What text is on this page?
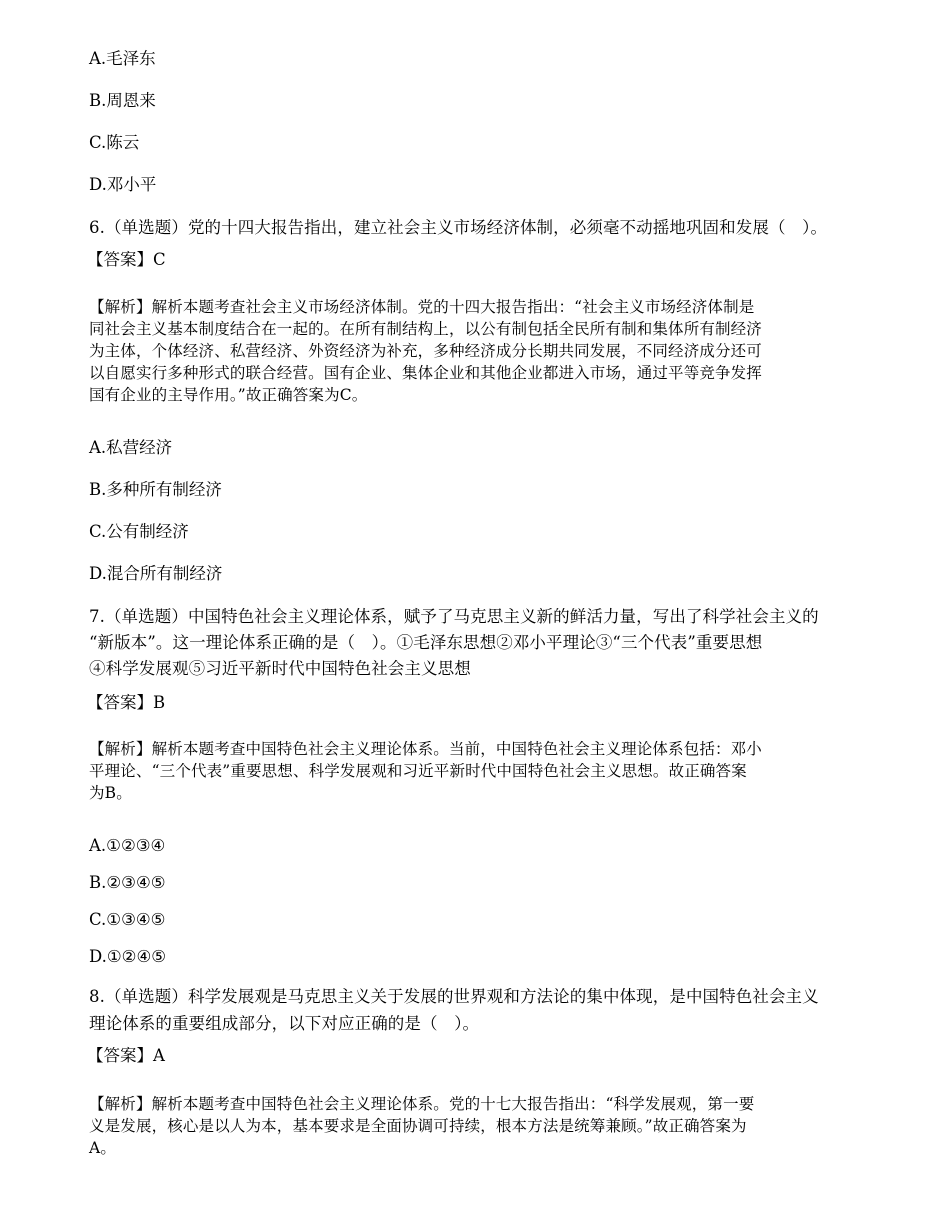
A.毛泽东
B.周恩来
C.陈云
D.邓小平
6.（单选题）党的十四大报告指出，建立社会主义市场经济体制，必须毫不动摇地巩固和发展（　）。
【答案】C
【解析】解析本题考查社会主义市场经济体制。党的十四大报告指出：“社会主义市场经济体制是
同社会主义基本制度结合在一起的。在所有制结构上，以公有制包括全民所有制和集体所有制经济
为主体，个体经济、私营经济、外资经济为补充，多种经济成分长期共同发展，不同经济成分还可
以自愿实行多种形式的联合经营。国有企业、集体企业和其他企业都进入市场，通过平等竞争发挥
国有企业的主导作用。”故正确答案为C。
A.私营经济
B.多种所有制经济
C.公有制经济
D.混合所有制经济
7.（单选题）中国特色社会主义理论体系，赋予了马克思主义新的鲜活力量，写出了科学社会主义的
“新版本”。这一理论体系正确的是（　）。①毛泽东思想②邓小平理论③“三个代表”重要思想
④科学发展观⑤习近平新时代中国特色社会主义思想
【答案】B
【解析】解析本题考查中国特色社会主义理论体系。当前，中国特色社会主义理论体系包括：邓小
平理论、“三个代表”重要思想、科学发展观和习近平新时代中国特色社会主义思想。故正确答案
为B。
A.①②③④
B.②③④⑤
C.①③④⑤
D.①②④⑤
8.（单选题）科学发展观是马克思主义关于发展的世界观和方法论的集中体现，是中国特色社会主义
理论体系的重要组成部分，以下对应正确的是（　）。
【答案】A
【解析】解析本题考查中国特色社会主义理论体系。党的十七大报告指出：“科学发展观，第一要
义是发展，核心是以人为本，基本要求是全面协调可持续，根本方法是统筹兼顾。”故正确答案为
A。
